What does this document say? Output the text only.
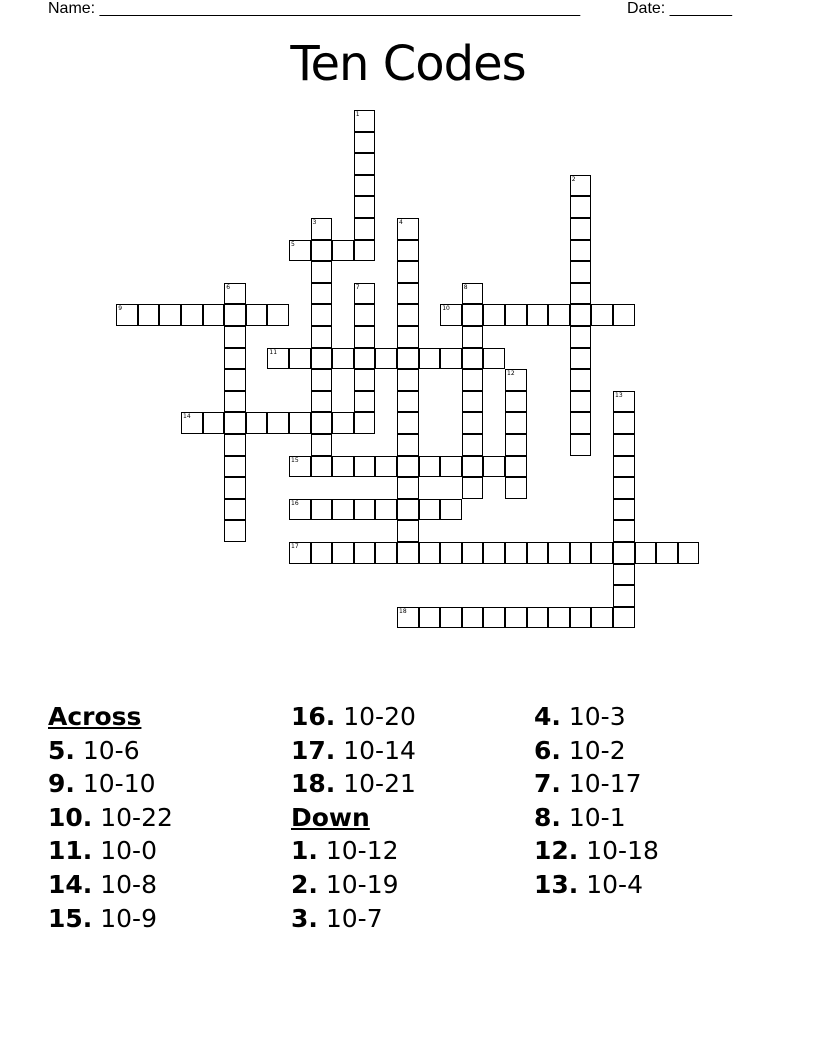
Name: ______________________________________________________	Date: _______
Ten Codes
1
2
3	4
5
6	7	8
9	10
11
12
13
14
15
16
17
18
Across
5. 10-6
9. 10-10
10. 10-22
11. 10-0
14. 10-8
15. 10-9
16. 10-20
17. 10-14
18. 10-21
Down
1. 10-12
2. 10-19
3. 10-7
4. 10-3
6. 10-2
7. 10-17
8. 10-1
12. 10-18
13. 10-4
